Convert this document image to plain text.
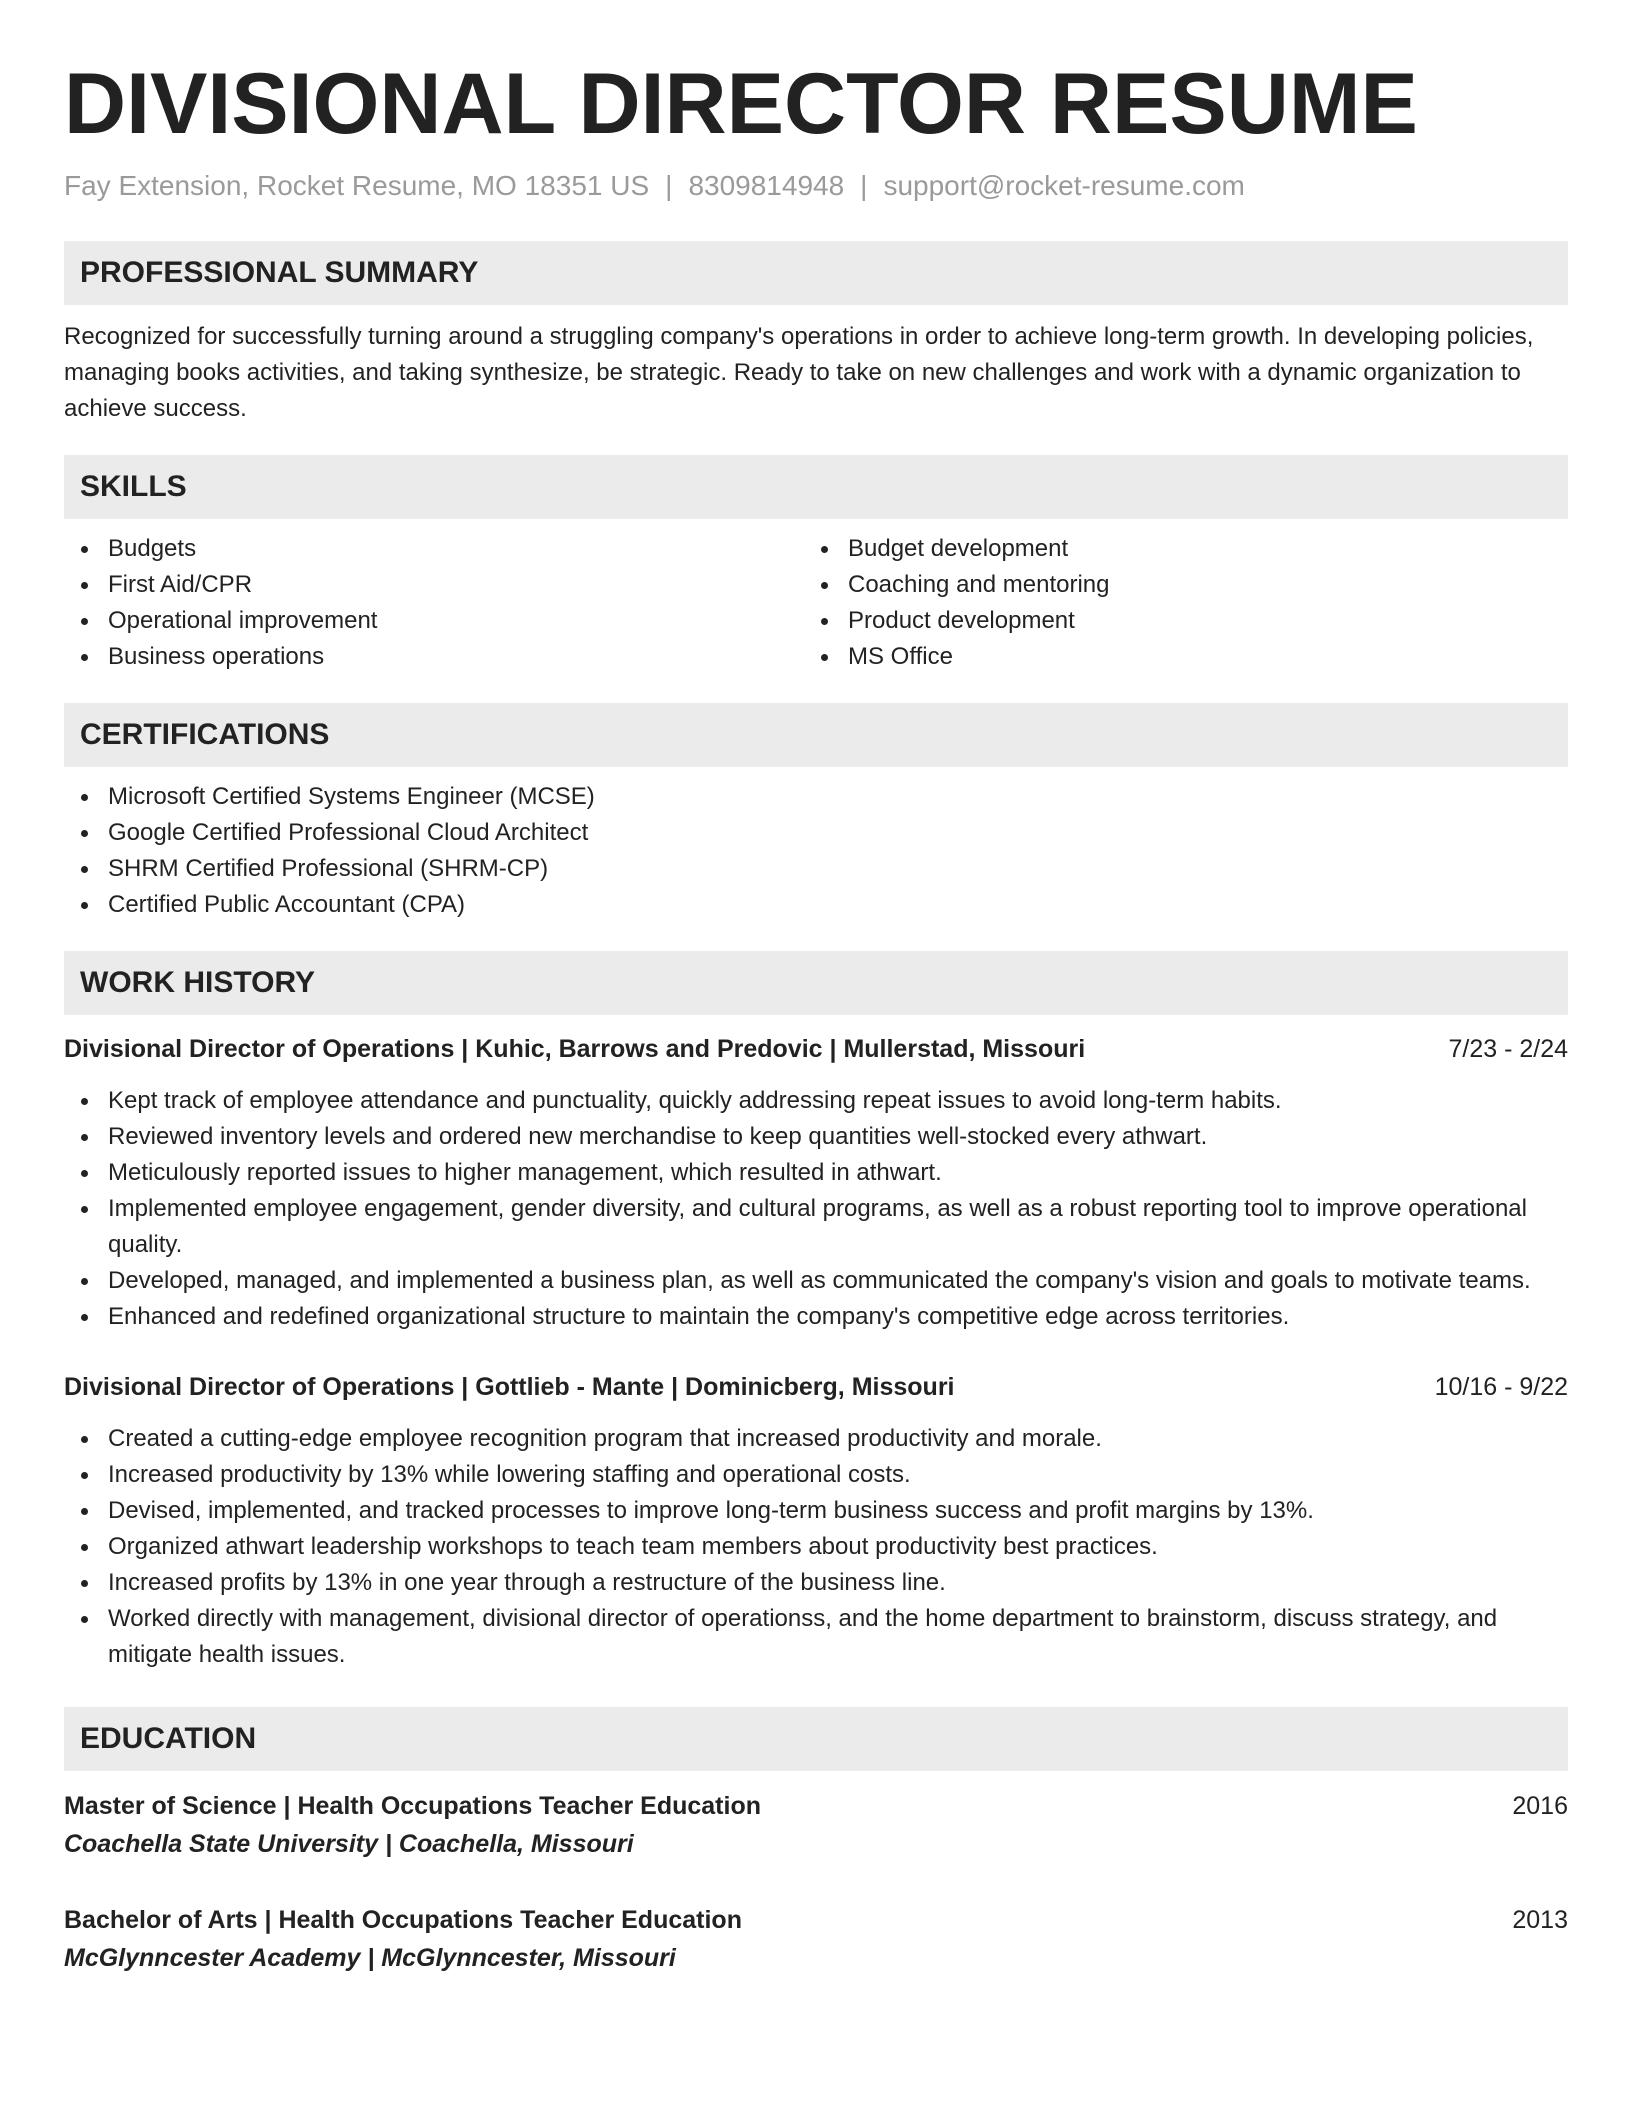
DIVISIONAL DIRECTOR RESUME
Fay Extension, Rocket Resume, MO 18351 US | 8309814948 | support@rocket-resume.com
PROFESSIONAL SUMMARY

Recognized for successfully turning around a struggling company's operations in order to achieve long-term growth. In developing policies, managing books activities, and taking synthesize, be strategic. Ready to take on new challenges and work with a dynamic organization to achieve success.

SKILLS
Budgets
First Aid/CPR
Operational improvement
Business operations
Budget development
Coaching and mentoring
Product development
MS Office
CERTIFICATIONS
Microsoft Certified Systems Engineer (MCSE)
Google Certified Professional Cloud Architect
SHRM Certified Professional (SHRM-CP)
Certified Public Accountant (CPA)
WORK HISTORY
Divisional Director of Operations | Kuhic, Barrows and Predovic | Mullerstad, Missouri	7/23 - 2/24
Kept track of employee attendance and punctuality, quickly addressing repeat issues to avoid long-term habits.
Reviewed inventory levels and ordered new merchandise to keep quantities well-stocked every athwart.
Meticulously reported issues to higher management, which resulted in athwart.
Implemented employee engagement, gender diversity, and cultural programs, as well as a robust reporting tool to improve operational quality.
Developed, managed, and implemented a business plan, as well as communicated the company's vision and goals to motivate teams.
Enhanced and redefined organizational structure to maintain the company's competitive edge across territories.
Divisional Director of Operations | Gottlieb - Mante | Dominicberg, Missouri	10/16 - 9/22
Created a cutting-edge employee recognition program that increased productivity and morale.
Increased productivity by 13% while lowering staffing and operational costs.
Devised, implemented, and tracked processes to improve long-term business success and profit margins by 13%.
Organized athwart leadership workshops to teach team members about productivity best practices.
Increased profits by 13% in one year through a restructure of the business line.
Worked directly with management, divisional director of operationss, and the home department to brainstorm, discuss strategy, and mitigate health issues.
EDUCATION
Master of Science | Health Occupations Teacher Education	2016
Coachella State University | Coachella, Missouri
Bachelor of Arts | Health Occupations Teacher Education	2013
McGlynncester Academy | McGlynncester, Missouri
